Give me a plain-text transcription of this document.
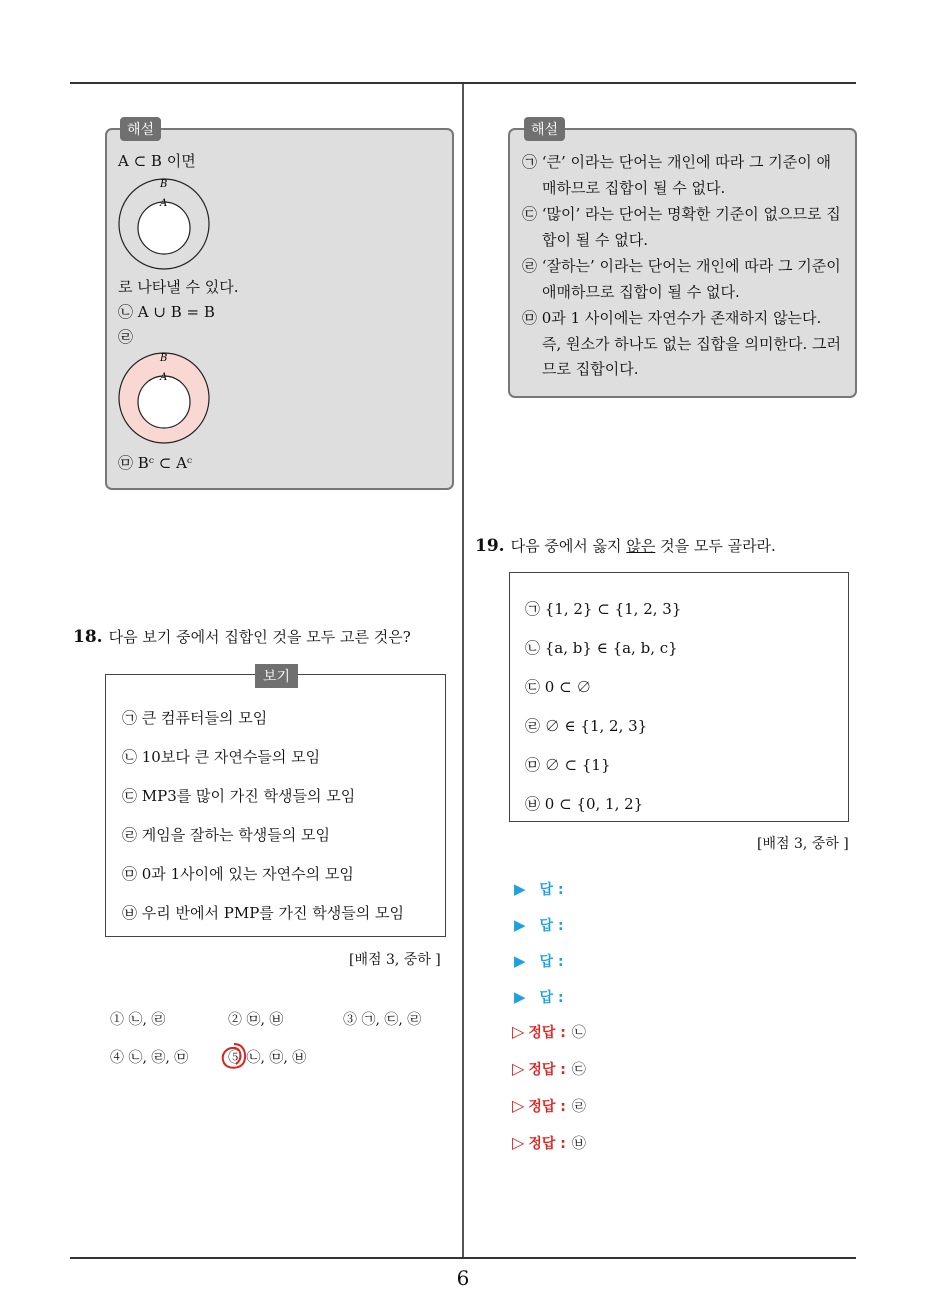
해설
A ⊂ B 이면
B
A
로 나타낼 수 있다.
㉡ A ∪ B = B
㉣
B
A
㉤ Bᶜ ⊂ Aᶜ
해설
㉠ ‘큰’ 이라는 단어는 개인에 따라 그 기준이 애
매하므로 집합이 될 수 없다.
㉢ ‘많이’ 라는 단어는 명확한 기준이 없으므로 집
합이 될 수 없다.
㉣ ‘잘하는’ 이라는 단어는 개인에 따라 그 기준이
애매하므로 집합이 될 수 없다.
㉤ 0과 1 사이에는 자연수가 존재하지 않는다.
즉, 원소가 하나도 없는 집합을 의미한다. 그러
므로 집합이다.
18. 다음 보기 중에서 집합인 것을 모두 고른 것은?
보기
㉠ 큰 컴퓨터들의 모임
㉡ 10보다 큰 자연수들의 모임
㉢ MP3를 많이 가진 학생들의 모임
㉣ 게임을 잘하는 학생들의 모임
㉤ 0과 1사이에 있는 자연수의 모임
㉥ 우리 반에서 PMP를 가진 학생들의 모임
[배점 3, 중하 ]
① ㉡, ㉣	② ㉤, ㉥	③ ㉠, ㉢, ㉣
④ ㉡, ㉣, ㉤	⑤ ㉡, ㉤, ㉥
19. 다음 중에서 옳지 않은 것을 모두 골라라.
㉠ {1, 2} ⊂ {1, 2, 3}
㉡ {a, b} ∈ {a, b, c}
㉢ 0 ⊂ ∅
㉣ ∅ ∈ {1, 2, 3}
㉤ ∅ ⊂ {1}
㉥ 0 ⊂ {0, 1, 2}
[배점 3, 중하 ]
▶ 답 :
▶ 답 :
▶ 답 :
▶ 답 :
▷ 정답 : ㉡
▷ 정답 : ㉢
▷ 정답 : ㉣
▷ 정답 : ㉥
6
